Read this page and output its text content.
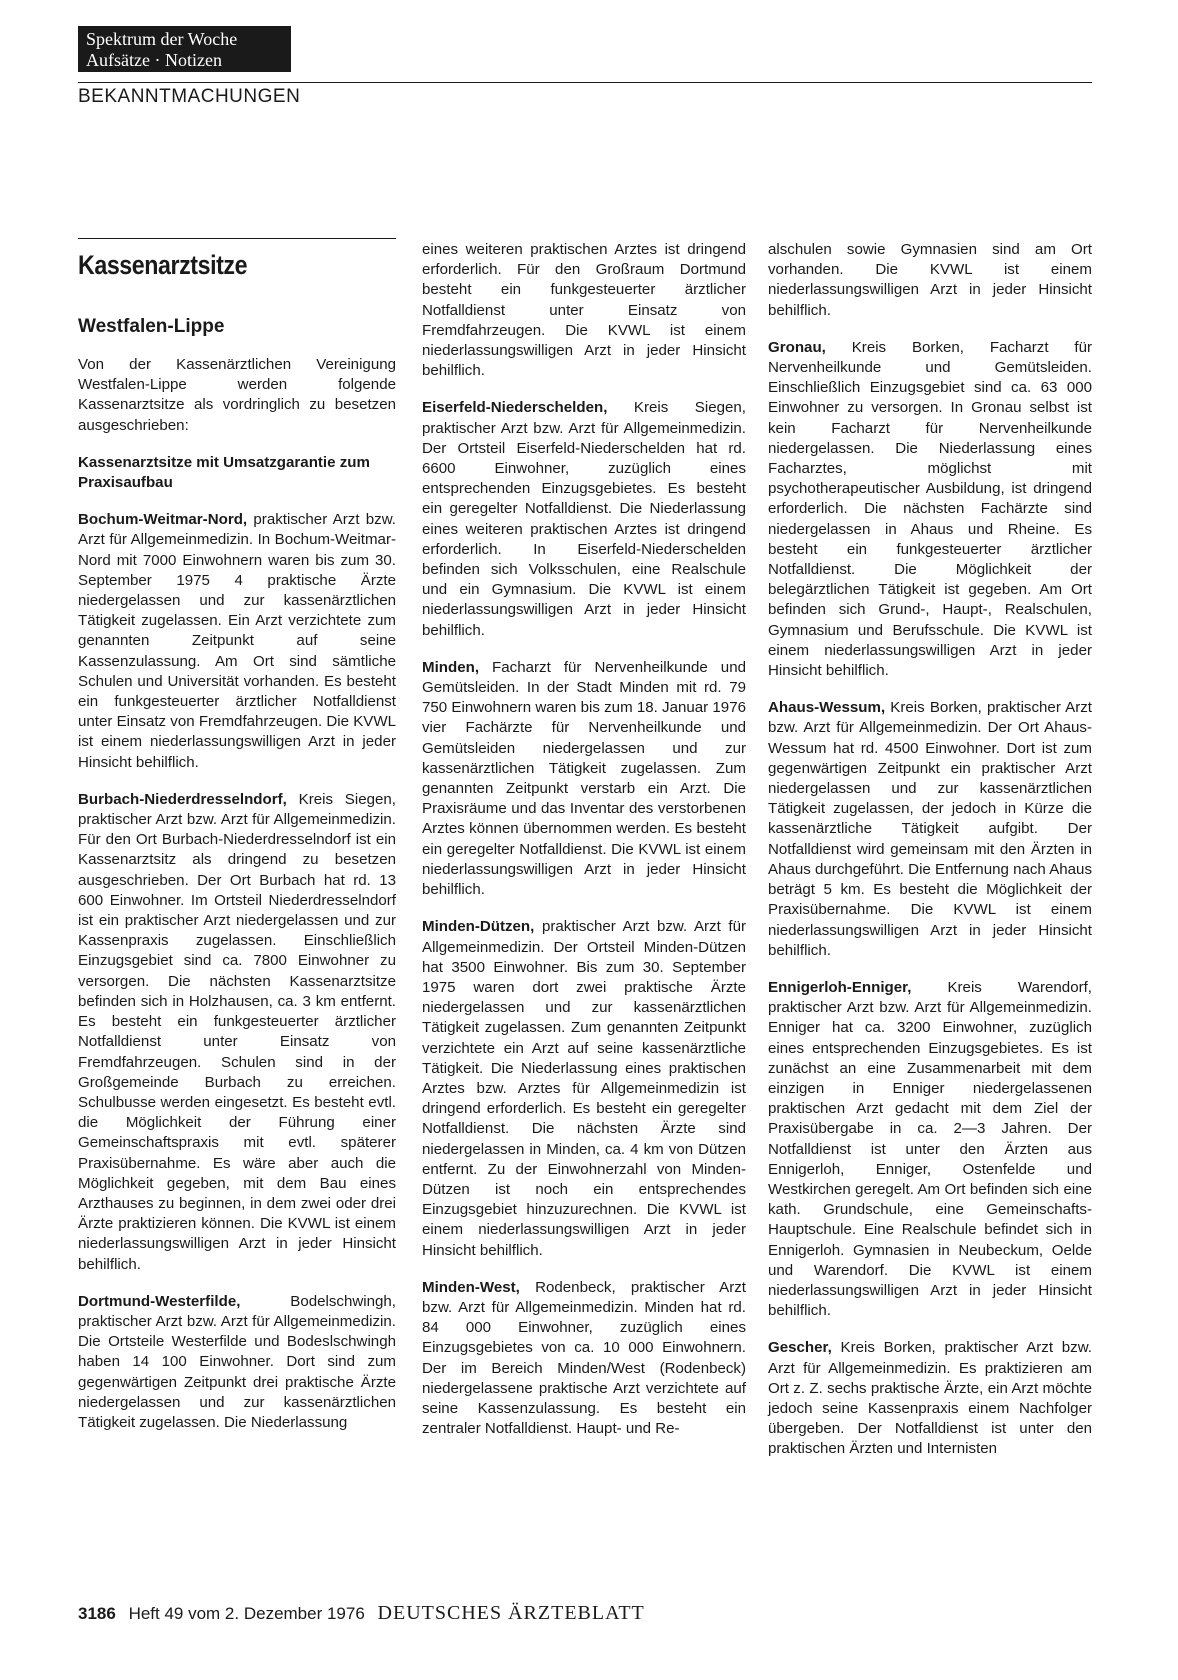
Spektrum der Woche
Aufsätze · Notizen
BEKANNTMACHUNGEN
Kassenarztsitze
Westfalen-Lippe

Von der Kassenärztlichen Vereinigung Westfalen-Lippe werden folgende Kassenarztsitze als vordringlich zu besetzen ausgeschrieben:

Kassenarztsitze mit Umsatzgarantie zum Praxisaufbau

Bochum-Weitmar-Nord, praktischer Arzt bzw. Arzt für Allgemeinmedizin. In Bochum-Weitmar-Nord mit 7000 Einwohnern waren bis zum 30. September 1975 4 praktische Ärzte niedergelassen und zur kassenärztlichen Tätigkeit zugelassen. Ein Arzt verzichtete zum genannten Zeitpunkt auf seine Kassenzulassung. Am Ort sind sämtliche Schulen und Universität vorhanden. Es besteht ein funkgesteuerter ärztlicher Notfalldienst unter Einsatz von Fremdfahrzeugen. Die KVWL ist einem niederlassungswilligen Arzt in jeder Hinsicht behilflich.

Burbach-Niederdresselndorf, Kreis Siegen, praktischer Arzt bzw. Arzt für Allgemeinmedizin. Für den Ort Burbach-Niederdresselndorf ist ein Kassenarztsitz als dringend zu besetzen ausgeschrieben. Der Ort Burbach hat rd. 13 600 Einwohner. Im Ortsteil Niederdresselndorf ist ein praktischer Arzt niedergelassen und zur Kassenpraxis zugelassen. Einschließlich Einzugsgebiet sind ca. 7800 Einwohner zu versorgen. Die nächsten Kassenarztsitze befinden sich in Holzhausen, ca. 3 km entfernt. Es besteht ein funkgesteuerter ärztlicher Notfalldienst unter Einsatz von Fremdfahrzeugen. Schulen sind in der Großgemeinde Burbach zu erreichen. Schulbusse werden eingesetzt. Es besteht evtl. die Möglichkeit der Führung einer Gemeinschaftspraxis mit evtl. späterer Praxisübernahme. Es wäre aber auch die Möglichkeit gegeben, mit dem Bau eines Arzthauses zu beginnen, in dem zwei oder drei Ärzte praktizieren können. Die KVWL ist einem niederlassungswilligen Arzt in jeder Hinsicht behilflich.

Dortmund-Westerfilde, Bodelschwingh, praktischer Arzt bzw. Arzt für Allgemeinmedizin. Die Ortsteile Westerfilde und Bodeslschwingh haben 14 100 Einwohner. Dort sind zum gegenwärtigen Zeitpunkt drei praktische Ärzte niedergelassen und zur kassenärztlichen Tätigkeit zugelassen. Die Niederlassung

eines weiteren praktischen Arztes ist dringend erforderlich. Für den Großraum Dortmund besteht ein funkgesteuerter ärztlicher Notfalldienst unter Einsatz von Fremdfahrzeugen. Die KVWL ist einem niederlassungswilligen Arzt in jeder Hinsicht behilflich.

Eiserfeld-Niederschelden, Kreis Siegen, praktischer Arzt bzw. Arzt für Allgemeinmedizin. Der Ortsteil Eiserfeld-Niederschelden hat rd. 6600 Einwohner, zuzüglich eines entsprechenden Einzugsgebietes. Es besteht ein geregelter Notfalldienst. Die Niederlassung eines weiteren praktischen Arztes ist dringend erforderlich. In Eiserfeld-Niederschelden befinden sich Volksschulen, eine Realschule und ein Gymnasium. Die KVWL ist einem niederlassungswilligen Arzt in jeder Hinsicht behilflich.

Minden, Facharzt für Nervenheilkunde und Gemütsleiden. In der Stadt Minden mit rd. 79 750 Einwohnern waren bis zum 18. Januar 1976 vier Fachärzte für Nervenheilkunde und Gemütsleiden niedergelassen und zur kassenärztlichen Tätigkeit zugelassen. Zum genannten Zeitpunkt verstarb ein Arzt. Die Praxisräume und das Inventar des verstorbenen Arztes können übernommen werden. Es besteht ein geregelter Notfalldienst. Die KVWL ist einem niederlassungswilligen Arzt in jeder Hinsicht behilflich.

Minden-Dützen, praktischer Arzt bzw. Arzt für Allgemeinmedizin. Der Ortsteil Minden-Dützen hat 3500 Einwohner. Bis zum 30. September 1975 waren dort zwei praktische Ärzte niedergelassen und zur kassenärztlichen Tätigkeit zugelassen. Zum genannten Zeitpunkt verzichtete ein Arzt auf seine kassenärztliche Tätigkeit. Die Niederlassung eines praktischen Arztes bzw. Arztes für Allgemeinmedizin ist dringend erforderlich. Es besteht ein geregelter Notfalldienst. Die nächsten Ärzte sind niedergelassen in Minden, ca. 4 km von Dützen entfernt. Zu der Einwohnerzahl von Minden-Dützen ist noch ein entsprechendes Einzugsgebiet hinzuzurechnen. Die KVWL ist einem niederlassungswilligen Arzt in jeder Hinsicht behilflich.

Minden-West, Rodenbeck, praktischer Arzt bzw. Arzt für Allgemeinmedizin. Minden hat rd. 84 000 Einwohner, zuzüglich eines Einzugsgebietes von ca. 10 000 Einwohnern. Der im Bereich Minden/West (Rodenbeck) niedergelassene praktische Arzt verzichtete auf seine Kassenzulassung. Es besteht ein zentraler Notfalldienst. Haupt- und Re-

alschulen sowie Gymnasien sind am Ort vorhanden. Die KVWL ist einem niederlassungswilligen Arzt in jeder Hinsicht behilflich.

Gronau, Kreis Borken, Facharzt für Nervenheilkunde und Gemütsleiden. Einschließlich Einzugsgebiet sind ca. 63 000 Einwohner zu versorgen. In Gronau selbst ist kein Facharzt für Nervenheilkunde niedergelassen. Die Niederlassung eines Facharztes, möglichst mit psychotherapeutischer Ausbildung, ist dringend erforderlich. Die nächsten Fachärzte sind niedergelassen in Ahaus und Rheine. Es besteht ein funkgesteuerter ärztlicher Notfalldienst. Die Möglichkeit der belegärztlichen Tätigkeit ist gegeben. Am Ort befinden sich Grund-, Haupt-, Realschulen, Gymnasium und Berufsschule. Die KVWL ist einem niederlassungswilligen Arzt in jeder Hinsicht behilflich.

Ahaus-Wessum, Kreis Borken, praktischer Arzt bzw. Arzt für Allgemeinmedizin. Der Ort Ahaus-Wessum hat rd. 4500 Einwohner. Dort ist zum gegenwärtigen Zeitpunkt ein praktischer Arzt niedergelassen und zur kassenärztlichen Tätigkeit zugelassen, der jedoch in Kürze die kassenärztliche Tätigkeit aufgibt. Der Notfalldienst wird gemeinsam mit den Ärzten in Ahaus durchgeführt. Die Entfernung nach Ahaus beträgt 5 km. Es besteht die Möglichkeit der Praxisübernahme. Die KVWL ist einem niederlassungswilligen Arzt in jeder Hinsicht behilflich.

Ennigerloh-Enniger, Kreis Warendorf, praktischer Arzt bzw. Arzt für Allgemeinmedizin. Enniger hat ca. 3200 Einwohner, zuzüglich eines entsprechenden Einzugsgebietes. Es ist zunächst an eine Zusammenarbeit mit dem einzigen in Enniger niedergelassenen praktischen Arzt gedacht mit dem Ziel der Praxisübergabe in ca. 2—3 Jahren. Der Notfalldienst ist unter den Ärzten aus Ennigerloh, Enniger, Ostenfelde und Westkirchen geregelt. Am Ort befinden sich eine kath. Grundschule, eine Gemeinschafts-Hauptschule. Eine Realschule befindet sich in Ennigerloh. Gymnasien in Neubeckum, Oelde und Warendorf. Die KVWL ist einem niederlassungswilligen Arzt in jeder Hinsicht behilflich.

Gescher, Kreis Borken, praktischer Arzt bzw. Arzt für Allgemeinmedizin. Es praktizieren am Ort z. Z. sechs praktische Ärzte, ein Arzt möchte jedoch seine Kassenpraxis einem Nachfolger übergeben. Der Notfalldienst ist unter den praktischen Ärzten und Internisten

3186 Heft 49 vom 2. Dezember 1976 DEUTSCHES ÄRZTEBLATT
